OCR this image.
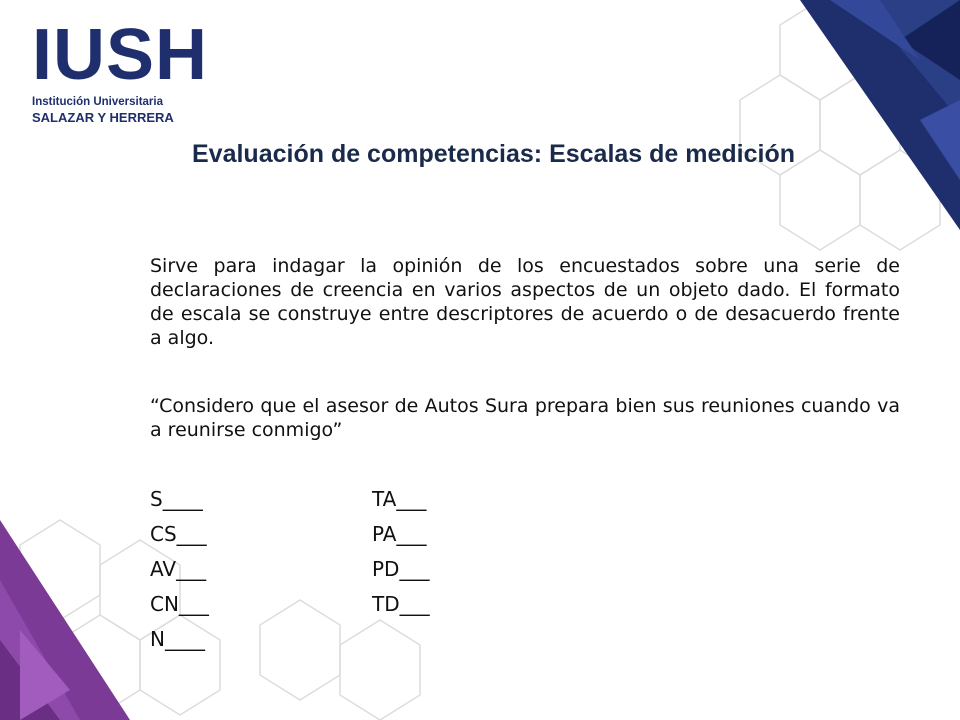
IUSH
Institución Universitaria
SALAZAR Y HERRERA
Evaluación de competencias: Escalas de medición
Sirve para indagar la opinión de los encuestados sobre una serie de declaraciones de creencia en varios aspectos de un objeto dado. El formato de escala se construye entre descriptores de acuerdo o de desacuerdo frente a algo.
“Considero que el asesor de Autos Sura prepara bien sus reuniones cuando va a reunirse conmigo”
S____
CS___
AV___
CN___
N____
TA___
PA___
PD___
TD___
